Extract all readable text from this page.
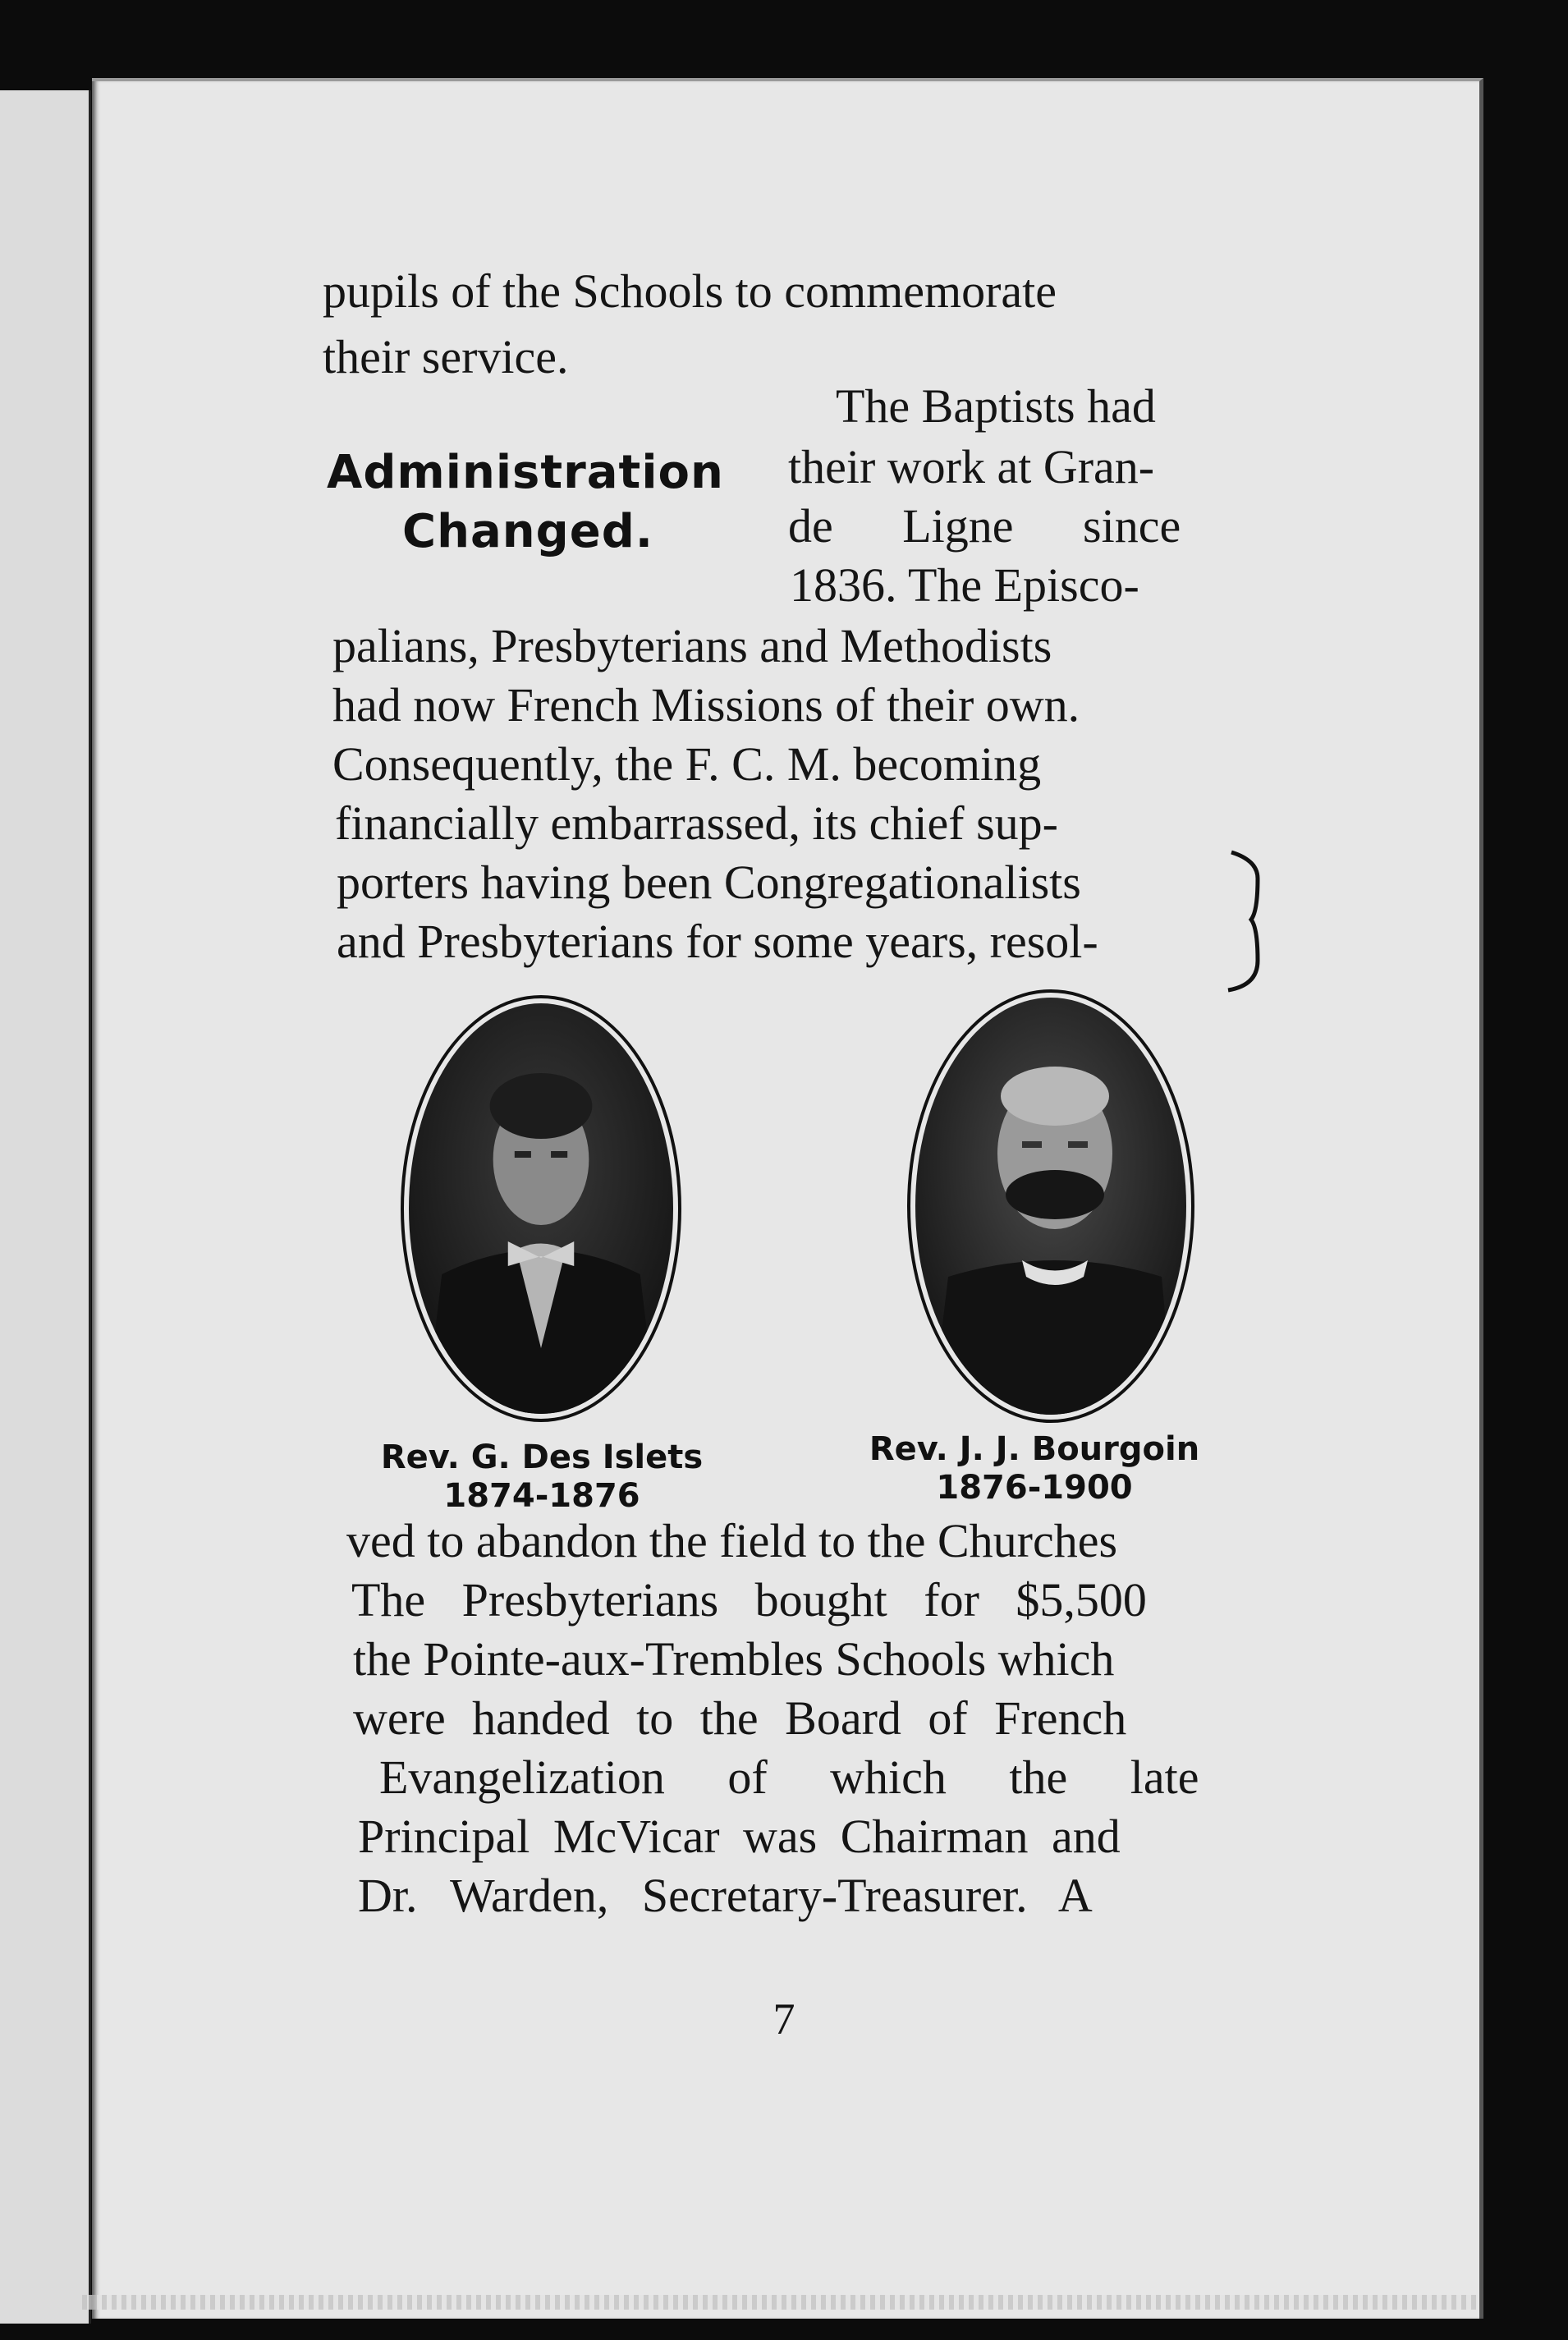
pupils of the Schools to commemorate

their service.

Administration

Changed.

The Baptists had

their work at Gran-

de Ligne since

1836. The Episco-

palians, Presbyterians and Methodists

had now French Missions of their own.

Consequently, the F. C. M. becoming

financially embarrassed, its chief sup-

porters having been Congregationalists

and Presbyterians for some years, resol-

Rev. G. Des Islets

1874-1876

Rev. J. J. Bourgoin

1876-1900

ved to abandon the field to the Churches

The Presbyterians bought for $5,500

the Pointe-aux-Trembles Schools which

were handed to the Board of French

Evangelization of which the late

Principal McVicar was Chairman and

Dr. Warden, Secretary-Treasurer. A

7
